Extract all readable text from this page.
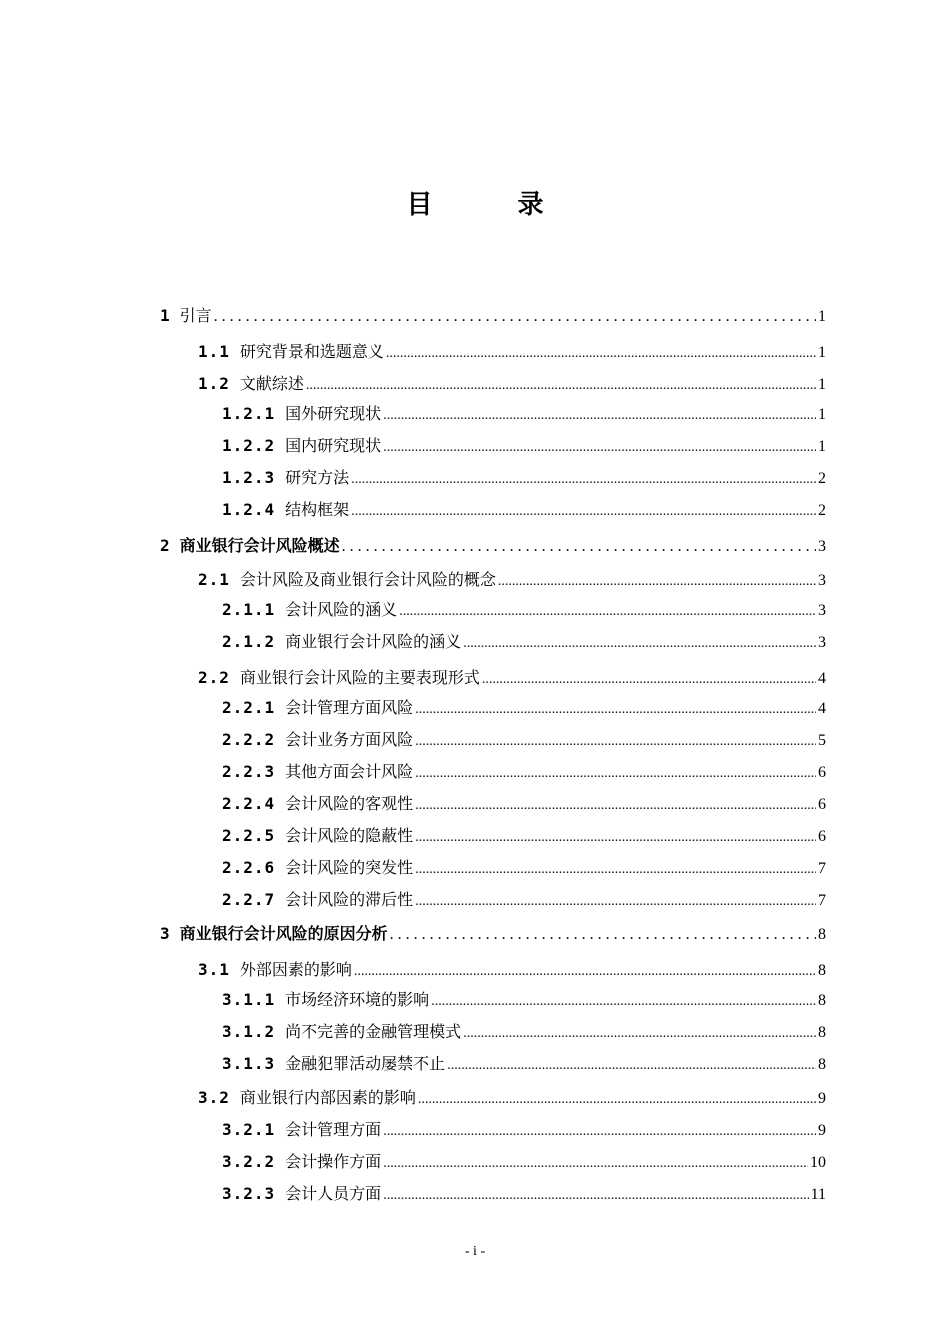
目 录
1 引言 . . .	1
1.1 研究背景和选题意义 .....	1
1.2 文献综述 .....	1
1.2.1 国外研究现状 .....	1
1.2.2 国内研究现状 .....	1
1.2.3 研究方法 .....	2
1.2.4 结构框架 .....	2
2 商业银行会计风险概述 . . .	3
2.1 会计风险及商业银行会计风险的概念 .....	3
2.1.1 会计风险的涵义 .....	3
2.1.2 商业银行会计风险的涵义 .....	3
2.2 商业银行会计风险的主要表现形式 .....	4
2.2.1 会计管理方面风险 .....	4
2.2.2 会计业务方面风险 .....	5
2.2.3 其他方面会计风险 .....	6
2.2.4 会计风险的客观性 .....	6
2.2.5 会计风险的隐蔽性 .....	6
2.2.6 会计风险的突发性 .....	7
2.2.7 会计风险的滞后性 .....	7
3 商业银行会计风险的原因分析 . . .	8
3.1 外部因素的影响 .....	8
3.1.1 市场经济环境的影响 .....	8
3.1.2 尚不完善的金融管理模式 .....	8
3.1.3 金融犯罪活动屡禁不止 .....	8
3.2 商业银行内部因素的影响 .....	9
3.2.1 会计管理方面 .....	9
3.2.2 会计操作方面 .....	10
3.2.3 会计人员方面 .....	11
- i -
